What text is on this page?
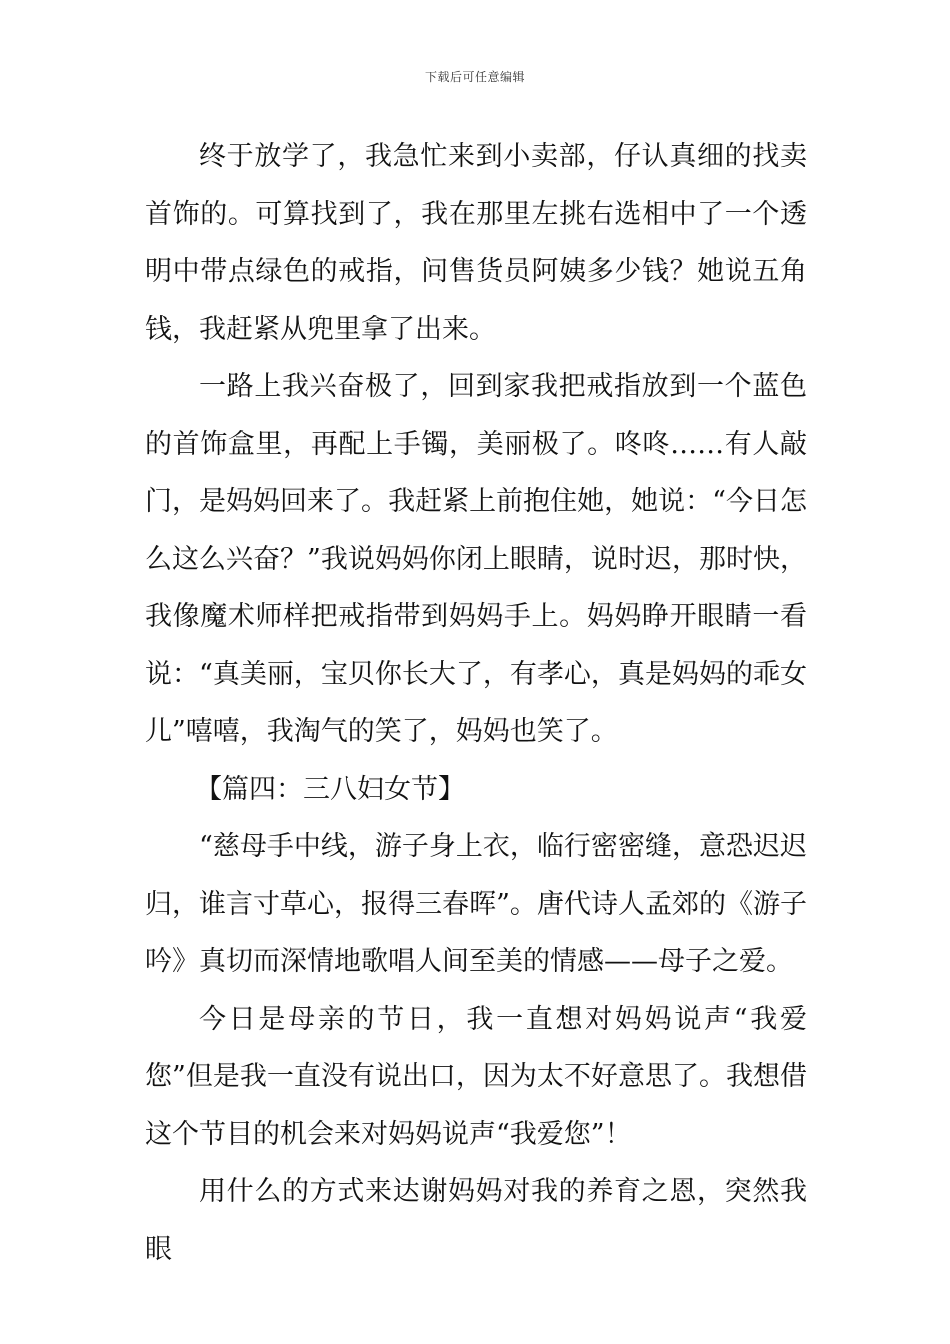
下载后可任意编辑

终于放学了，我急忙来到小卖部，仔认真细的找卖首饰的。可算找到了，我在那里左挑右选相中了一个透明中带点绿色的戒指，问售货员阿姨多少钱？她说五角钱，我赶紧从兜里拿了出来。

一路上我兴奋极了，回到家我把戒指放到一个蓝色的首饰盒里，再配上手镯，美丽极了。咚咚……有人敲门，是妈妈回来了。我赶紧上前抱住她，她说：“今日怎么这么兴奋？”我说妈妈你闭上眼睛，说时迟，那时快，我像魔术师样把戒指带到妈妈手上。妈妈睁开眼睛一看说：“真美丽，宝贝你长大了，有孝心，真是妈妈的乖女儿”嘻嘻，我淘气的笑了，妈妈也笑了。

【篇四：三八妇女节】

“慈母手中线，游子身上衣，临行密密缝，意恐迟迟归，谁言寸草心，报得三春晖”。唐代诗人孟郊的《游子吟》真切而深情地歌唱人间至美的情感——母子之爱。

今日是母亲的节日，我一直想对妈妈说声“我爱您”但是我一直没有说出口，因为太不好意思了。我想借这个节目的机会来对妈妈说声“我爱您”！

用什么的方式来达谢妈妈对我的养育之恩，突然我眼
